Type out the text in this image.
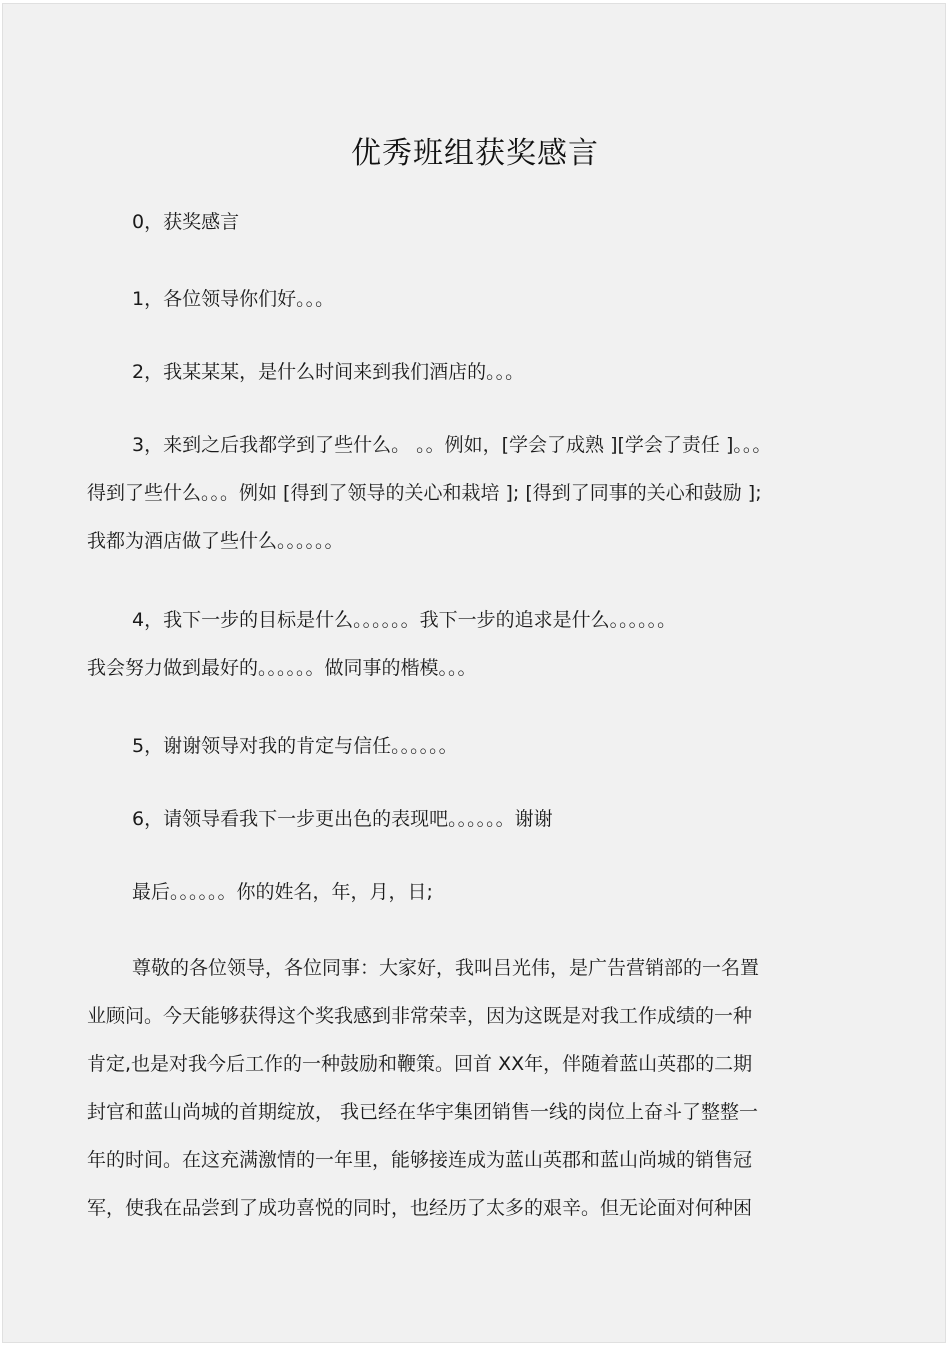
优秀班组获奖感言
0，获奖感言
1，各位领导你们好。。。
2，我某某某，是什么时间来到我们酒店的。。。
3，来到之后我都学到了些什么。 。。例如，[学会了成熟 ][学会了责任 ]。。。
得到了些什么。。。例如 [得到了领导的关心和栽培 ]; [得到了同事的关心和鼓励 ];
我都为酒店做了些什么。。。。。。
4，我下一步的目标是什么。。。。。。我下一步的追求是什么。。。。。。
我会努力做到最好的。。。。。。做同事的楷模。。。
5，谢谢领导对我的肯定与信任。。。。。。
6，请领导看我下一步更出色的表现吧。。。。。。谢谢
最后。。。。。。你的姓名，年，月，日;
尊敬的各位领导，各位同事：大家好，我叫吕光伟，是广告营销部的一名置
业顾问。今天能够获得这个奖我感到非常荣幸，因为这既是对我工作成绩的一种
肯定,也是对我今后工作的一种鼓励和鞭策。回首 XX年，伴随着蓝山英郡的二期
封官和蓝山尚城的首期绽放， 我已经在华宇集团销售一线的岗位上奋斗了整整一
年的时间。在这充满激情的一年里，能够接连成为蓝山英郡和蓝山尚城的销售冠
军，使我在品尝到了成功喜悦的同时，也经历了太多的艰辛。但无论面对何种困
